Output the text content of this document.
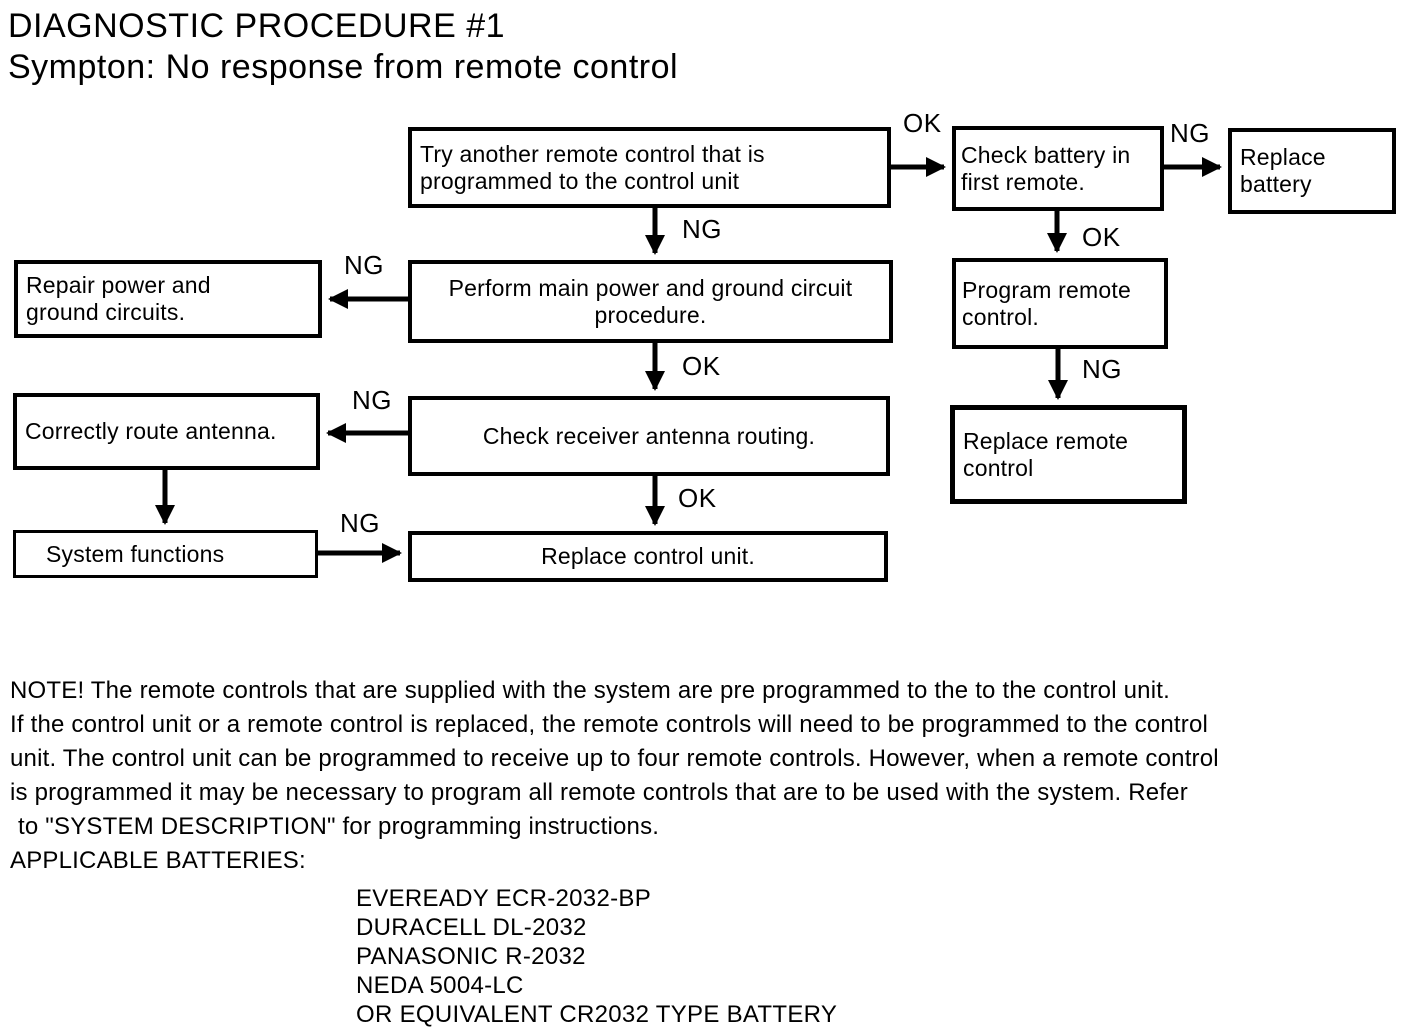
DIAGNOSTIC PROCEDURE #1
Sympton: No response from remote control
Try another remote control that is programmed to the control unit
Check battery in first remote.
Replace battery
Program remote control.
Replace remote control
Perform main power and ground circuit procedure.
Repair power and ground circuits.
Check receiver antenna routing.
Correctly route antenna.
System functions	Replace control unit.
OK	NG
OK
NG
NG
NG
OK
NG
OK
NG
NOTE! The remote controls that are supplied with the system are pre programmed to the to the control unit.
If the control unit or a remote control is replaced, the remote controls will need to be programmed to the control
unit. The control unit can be programmed to receive up to four remote controls. However, when a remote control
is programmed it may be necessary to program all remote controls that are to be used with the system. Refer
to "SYSTEM DESCRIPTION" for programming instructions.
APPLICABLE BATTERIES:
EVEREADY ECR-2032-BP
DURACELL DL-2032
PANASONIC R-2032
NEDA 5004-LC
OR EQUIVALENT CR2032 TYPE BATTERY
